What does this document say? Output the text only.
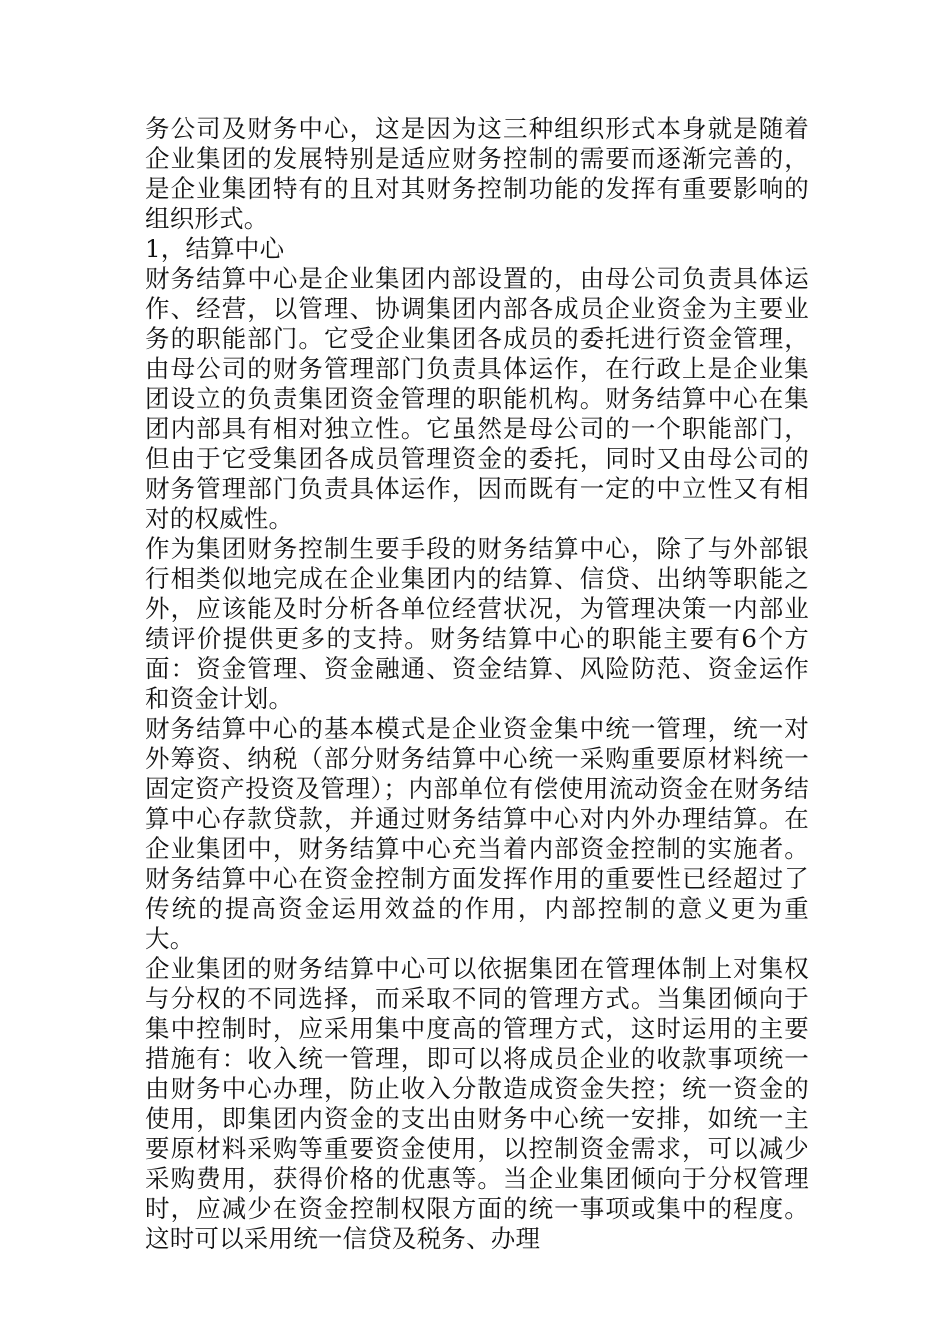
务公司及财务中心，这是因为这三种组织形式本身就是随着企业集团的发展特别是适应财务控制的需要而逐渐完善的，是企业集团特有的且对其财务控制功能的发挥有重要影响的组织形式。

1，结算中心

财务结算中心是企业集团内部设置的，由母公司负责具体运作、经营，以管理、协调集团内部各成员企业资金为主要业务的职能部门。它受企业集团各成员的委托进行资金管理，由母公司的财务管理部门负责具体运作，在行政上是企业集团设立的负责集团资金管理的职能机构。财务结算中心在集团内部具有相对独立性。它虽然是母公司的一个职能部门，但由于它受集团各成员管理资金的委托，同时又由母公司的财务管理部门负责具体运作，因而既有一定的中立性又有相对的权威性。

作为集团财务控制生要手段的财务结算中心，除了与外部银行相类似地完成在企业集团内的结算、信贷、出纳等职能之外，应该能及时分析各单位经营状况，为管理决策一内部业绩评价提供更多的支持。财务结算中心的职能主要有6个方面：资金管理、资金融通、资金结算、风险防范、资金运作和资金计划。

财务结算中心的基本模式是企业资金集中统一管理，统一对外筹资、纳税（部分财务结算中心统一采购重要原材料统一固定资产投资及管理）；内部单位有偿使用流动资金在财务结算中心存款贷款，并通过财务结算中心对内外办理结算。在企业集团中，财务结算中心充当着内部资金控制的实施者。财务结算中心在资金控制方面发挥作用的重要性已经超过了传统的提高资金运用效益的作用，内部控制的意义更为重大。

企业集团的财务结算中心可以依据集团在管理体制上对集权与分权的不同选择，而采取不同的管理方式。当集团倾向于集中控制时，应采用集中度高的管理方式，这时运用的主要措施有：收入统一管理，即可以将成员企业的收款事项统一由财务中心办理，防止收入分散造成资金失控；统一资金的使用，即集团内资金的支出由财务中心统一安排，如统一主要原材料采购等重要资金使用，以控制资金需求，可以减少采购费用，获得价格的优惠等。当企业集团倾向于分权管理时，应减少在资金控制权限方面的统一事项或集中的程度。这时可以采用统一信贷及税务、办理
